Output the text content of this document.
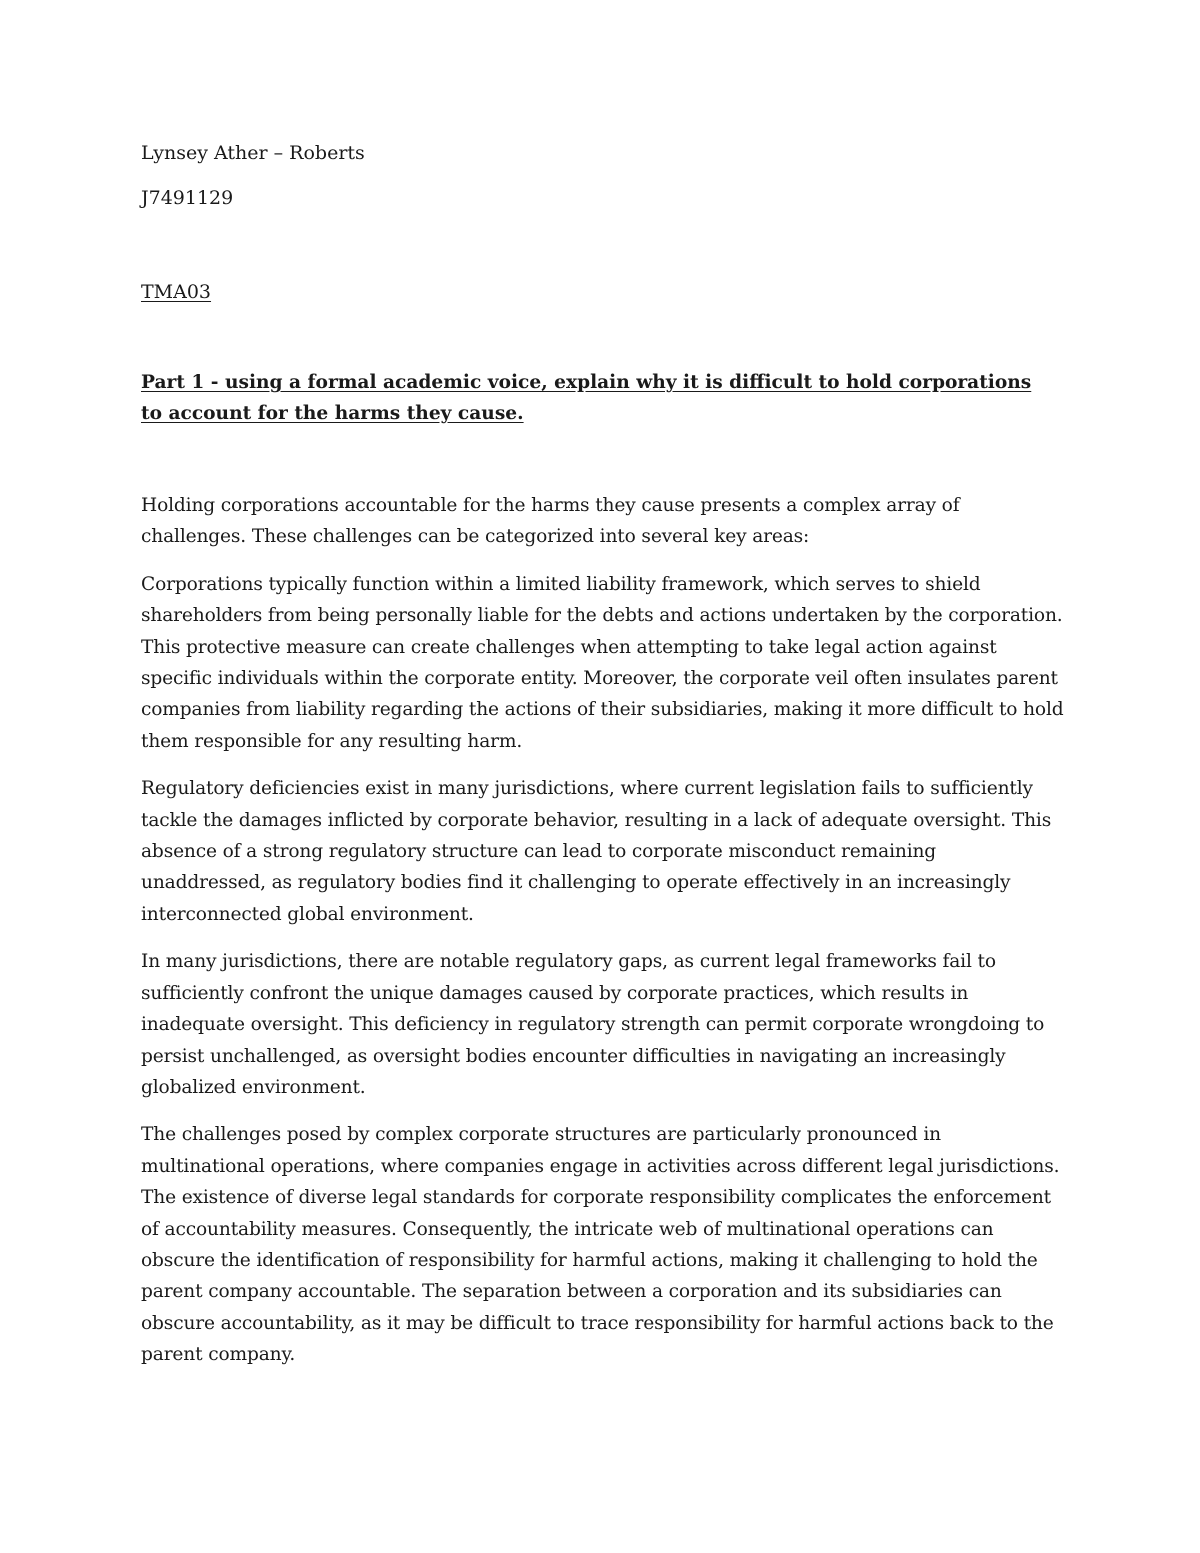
Lynsey Ather – Roberts

J7491129

TMA03

Part 1 - using a formal academic voice, explain why it is difficult to hold corporations to account for the harms they cause.

Holding corporations accountable for the harms they cause presents a complex array of challenges. These challenges can be categorized into several key areas:

Corporations typically function within a limited liability framework, which serves to shield shareholders from being personally liable for the debts and actions undertaken by the corporation. This protective measure can create challenges when attempting to take legal action against specific individuals within the corporate entity. Moreover, the corporate veil often insulates parent companies from liability regarding the actions of their subsidiaries, making it more difficult to hold them responsible for any resulting harm.

Regulatory deficiencies exist in many jurisdictions, where current legislation fails to sufficiently tackle the damages inflicted by corporate behavior, resulting in a lack of adequate oversight. This absence of a strong regulatory structure can lead to corporate misconduct remaining unaddressed, as regulatory bodies find it challenging to operate effectively in an increasingly interconnected global environment.

In many jurisdictions, there are notable regulatory gaps, as current legal frameworks fail to sufficiently confront the unique damages caused by corporate practices, which results in inadequate oversight. This deficiency in regulatory strength can permit corporate wrongdoing to persist unchallenged, as oversight bodies encounter difficulties in navigating an increasingly globalized environment.

The challenges posed by complex corporate structures are particularly pronounced in multinational operations, where companies engage in activities across different legal jurisdictions. The existence of diverse legal standards for corporate responsibility complicates the enforcement of accountability measures. Consequently, the intricate web of multinational operations can obscure the identification of responsibility for harmful actions, making it challenging to hold the parent company accountable. The separation between a corporation and its subsidiaries can obscure accountability, as it may be difficult to trace responsibility for harmful actions back to the parent company.
